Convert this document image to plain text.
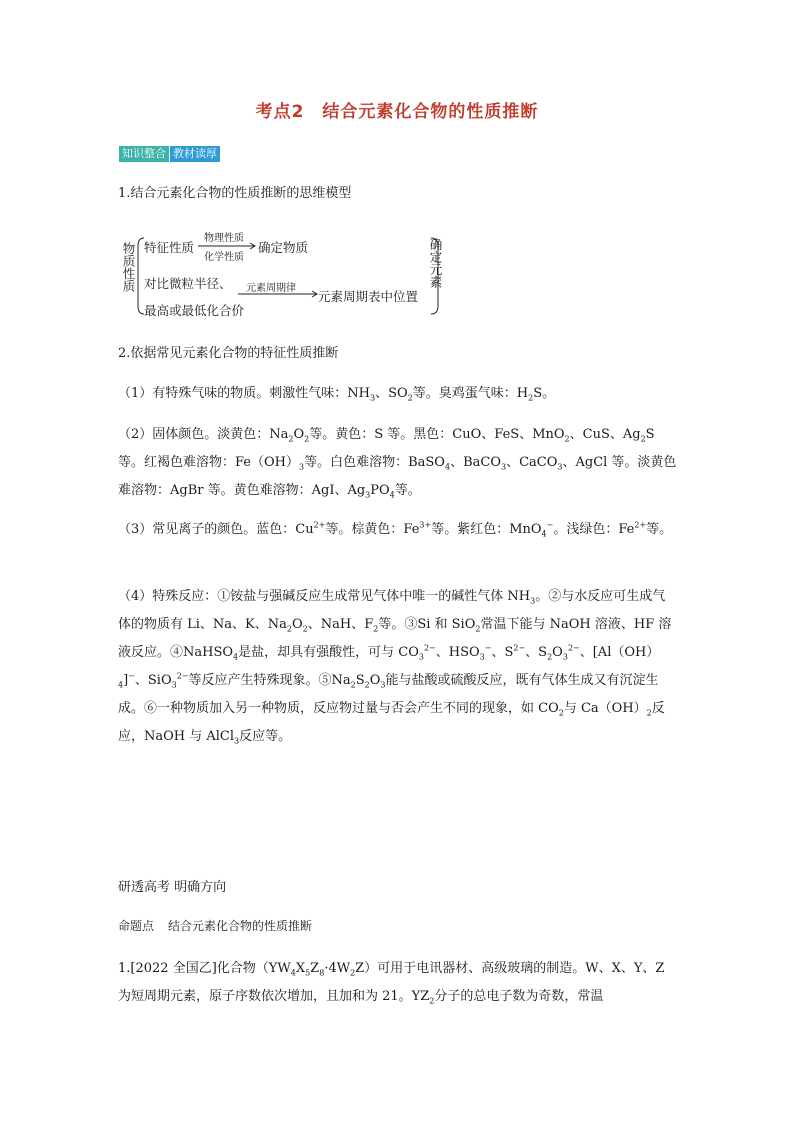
考点2　结合元素化合物的性质推断
知识整合 教材读厚
1.结合元素化合物的性质推断的思维模型
物质性质 特征性质
物理性质
化学性质
确定物质
对比微粒半径、 元素周期律
元素周期表中位置
最高或最低化合价
确定元素
2.依据常见元素化合物的特征性质推断
（1）有特殊气味的物质。刺激性气味：$NH_3$、$SO_2$等。臭鸡蛋气味：$H_2S$。
（2）固体颜色。淡黄色：$Na_2O_2$等。黄色：S 等。黑色：CuO、FeS、MnO$_2$、CuS、$Ag_2S$ 等。红褐色难溶物：$Fe(OH)_3$等。白色难溶物：BaSO$_4$、BaCO$_3$、CaCO$_3$、AgCl 等。淡黄色难溶物：AgBr 等。黄色难溶物：AgI、$Ag_3PO_4$等。
（3）常见离子的颜色。蓝色：$Cu^{2+}$等。棕黄色：$Fe^{3+}$等。紫红色：MnO$_4$−。浅绿色：$Fe^{2+}$等。
（4）特殊反应：①铵盐与强碱反应生成常见气体中唯一的碱性气体 $NH_3$。②与水反应可生成气体的物质有 Li、Na、K、$Na_2O_2$、NaH、$F_2$等。③Si 和 SiO$_2$常温下能与 NaOH 溶液、HF 溶液反应。④NaHSO$_4$是盐，却具有强酸性，可与 $CO_3^{2-}$、$HSO_3^-$、$S^{2-}$、$S_2O_3^{2-}$、$[Al(OH)_4]^-$、SiO$_3^{2-}$等反应产生特殊现象。$⑤Na_2S_2O_3$能与盐酸或硫酸反应，既有气体生成又有沉淀生成。⑥一种物质加入另一种物质，反应物过量与否会产生不同的现象，如 $CO_2$与 $Ca(OH)_2$反应，NaOH 与 AlCl$_3$反应等。
研透高考 明确方向
命题点 结合元素化合物的性质推断
1.[2022 全国乙]化合物$(YW_4X_5Z_8\cdot 4W_2Z)$可用于电讯器材、高级玻璃的制造。W、X、Y、Z 为短周期元素，原子序数依次增加，且加和为 21。$YZ_2$分子的总电子数为奇数，常温
